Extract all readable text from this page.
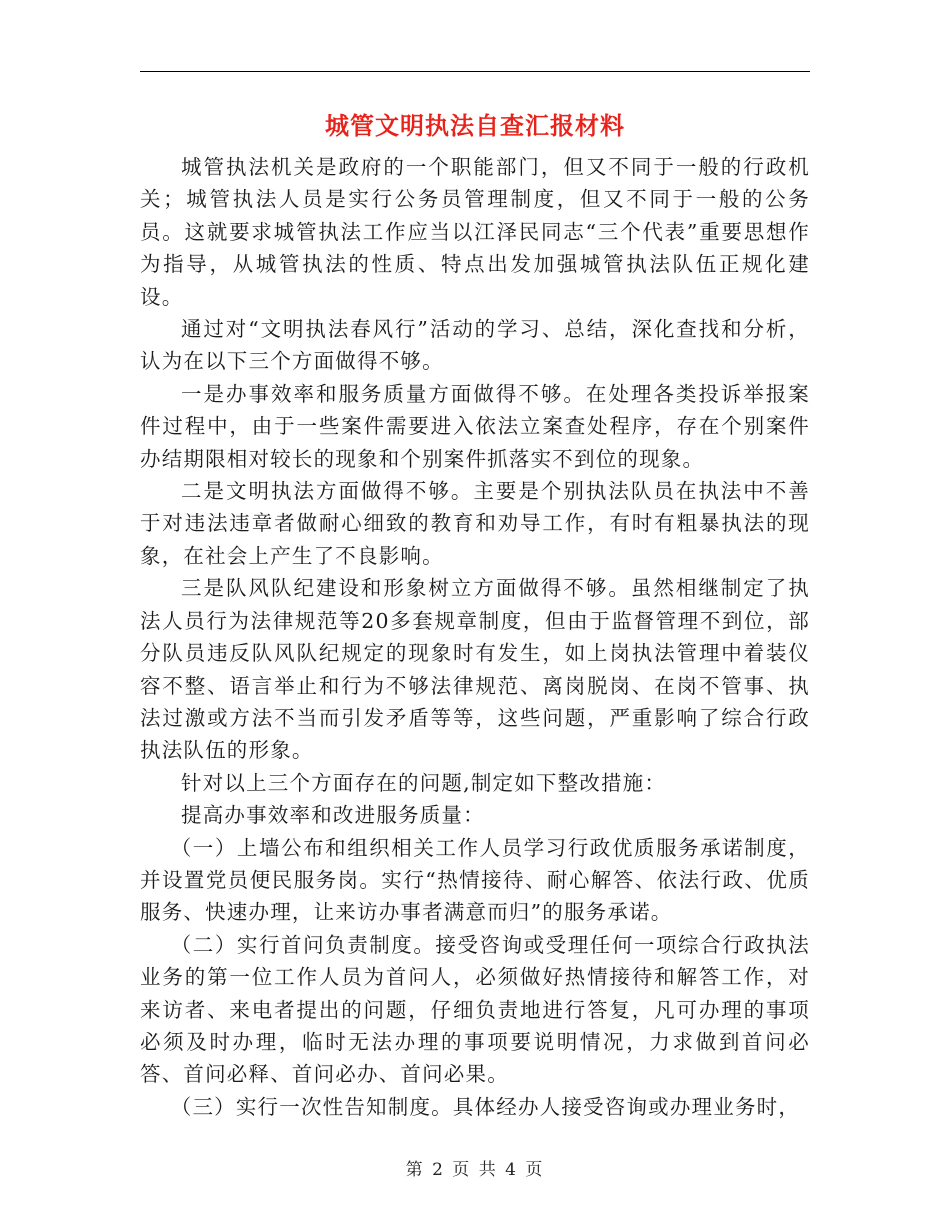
城管文明执法自查汇报材料

城管执法机关是政府的一个职能部门，但又不同于一般的行政机关；城管执法人员是实行公务员管理制度，但又不同于一般的公务员。这就要求城管执法工作应当以江泽民同志“三个代表”重要思想作为指导，从城管执法的性质、特点出发加强城管执法队伍正规化建设。

通过对“文明执法春风行”活动的学习、总结，深化查找和分析，认为在以下三个方面做得不够。

一是办事效率和服务质量方面做得不够。在处理各类投诉举报案件过程中，由于一些案件需要进入依法立案查处程序，存在个别案件办结期限相对较长的现象和个别案件抓落实不到位的现象。

二是文明执法方面做得不够。主要是个别执法队员在执法中不善于对违法违章者做耐心细致的教育和劝导工作，有时有粗暴执法的现象，在社会上产生了不良影响。

三是队风队纪建设和形象树立方面做得不够。虽然相继制定了执法人员行为法律规范等20多套规章制度，但由于监督管理不到位，部分队员违反队风队纪规定的现象时有发生，如上岗执法管理中着装仪容不整、语言举止和行为不够法律规范、离岗脱岗、在岗不管事、执法过激或方法不当而引发矛盾等等，这些问题，严重影响了综合行政执法队伍的形象。

针对以上三个方面存在的问题,制定如下整改措施：

提高办事效率和改进服务质量：

（一）上墙公布和组织相关工作人员学习行政优质服务承诺制度，并设置党员便民服务岗。实行“热情接待、耐心解答、依法行政、优质服务、快速办理，让来访办事者满意而归”的服务承诺。

（二）实行首问负责制度。接受咨询或受理任何一项综合行政执法业务的第一位工作人员为首问人，必须做好热情接待和解答工作，对来访者、来电者提出的问题，仔细负责地进行答复，凡可办理的事项必须及时办理，临时无法办理的事项要说明情况，力求做到首问必答、首问必释、首问必办、首问必果。

（三）实行一次性告知制度。具体经办人接受咨询或办理业务时，

第 2 页 共 4 页
